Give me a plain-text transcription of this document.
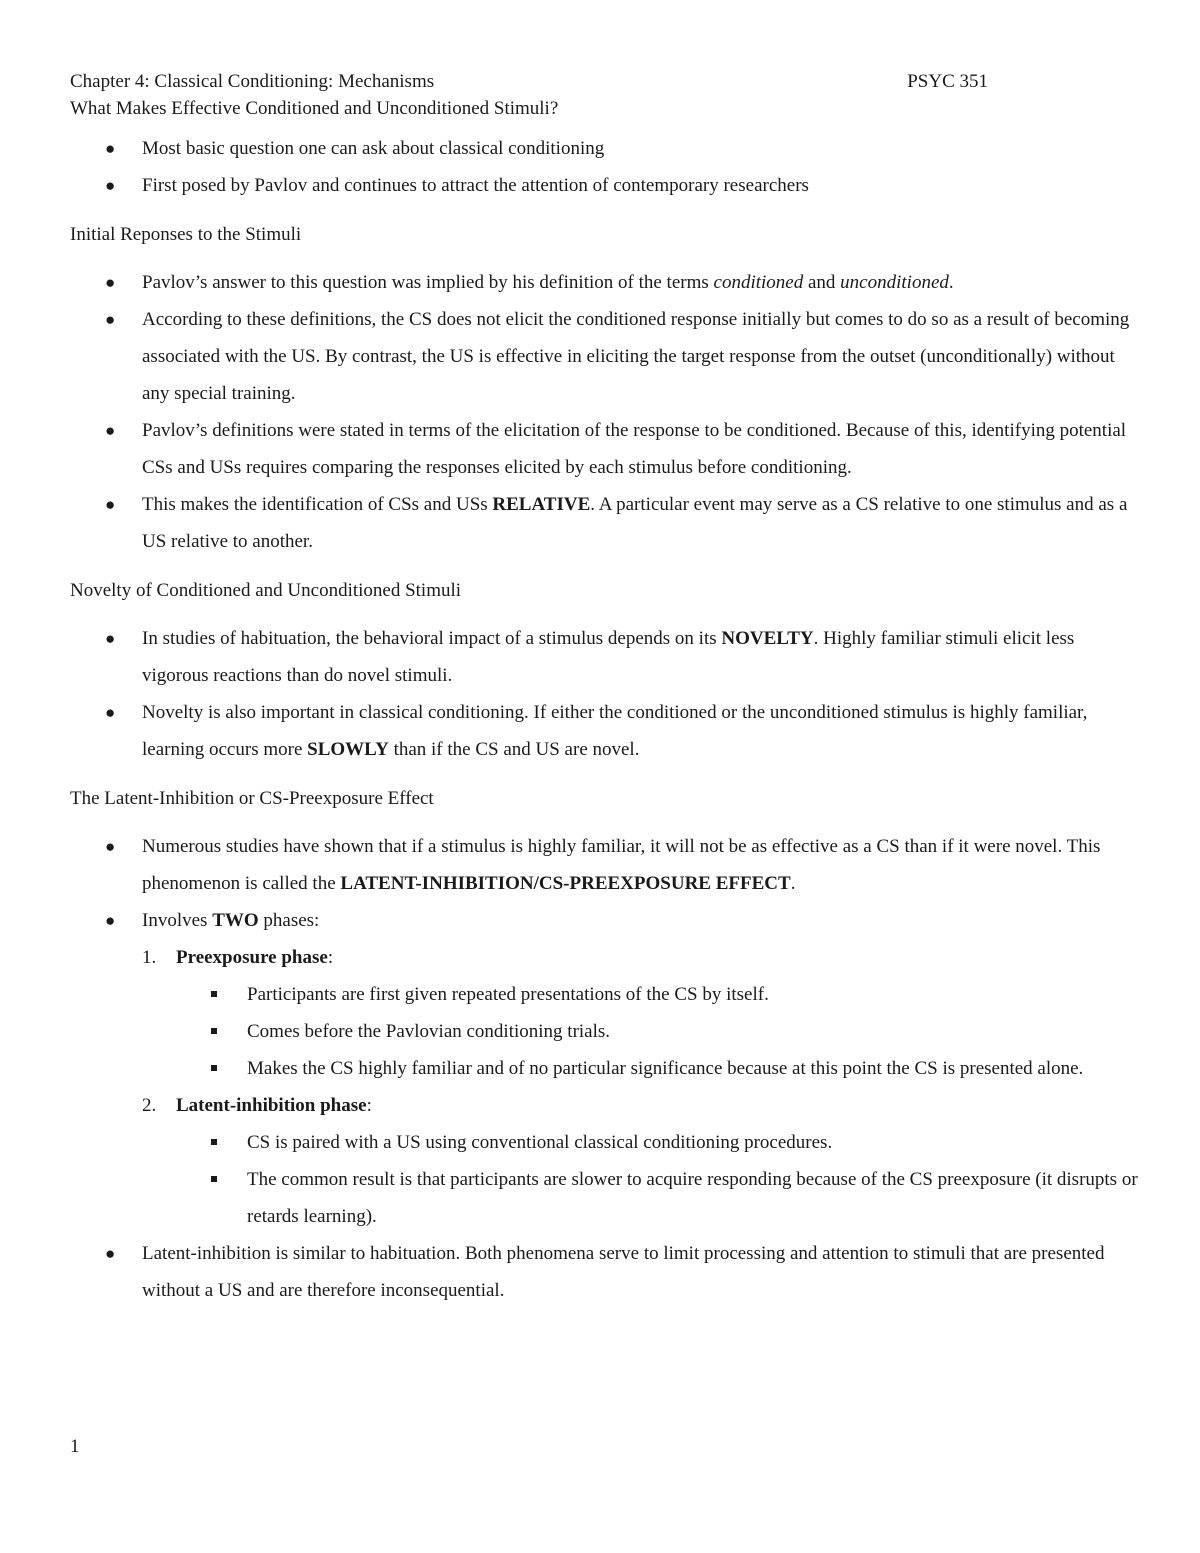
Chapter 4: Classical Conditioning: Mechanisms	PSYC 351
What Makes Effective Conditioned and Unconditioned Stimuli?
● Most basic question one can ask about classical conditioning
● First posed by Pavlov and continues to attract the attention of contemporary researchers
Initial Reponses to the Stimuli
● Pavlov’s answer to this question was implied by his definition of the terms conditioned and unconditioned.
● According to these definitions, the CS does not elicit the conditioned response initially but comes to do so as a result of becoming associated with the US. By contrast, the US is effective in eliciting the target response from the outset (unconditionally) without any special training.
● Pavlov’s definitions were stated in terms of the elicitation of the response to be conditioned. Because of this, identifying potential CSs and USs requires comparing the responses elicited by each stimulus before conditioning.
● This makes the identification of CSs and USs RELATIVE. A particular event may serve as a CS relative to one stimulus and as a US relative to another.
Novelty of Conditioned and Unconditioned Stimuli
● In studies of habituation, the behavioral impact of a stimulus depends on its NOVELTY. Highly familiar stimuli elicit less vigorous reactions than do novel stimuli.
● Novelty is also important in classical conditioning. If either the conditioned or the unconditioned stimulus is highly familiar, learning occurs more SLOWLY than if the CS and US are novel.
The Latent-Inhibition or CS-Preexposure Effect
● Numerous studies have shown that if a stimulus is highly familiar, it will not be as effective as a CS than if it were novel. This phenomenon is called the LATENT-INHIBITION/CS-PREEXPOSURE EFFECT.
● Involves TWO phases:
1. Preexposure phase:
Participants are first given repeated presentations of the CS by itself.
Comes before the Pavlovian conditioning trials.
Makes the CS highly familiar and of no particular significance because at this point the CS is presented alone.
2. Latent-inhibition phase:
CS is paired with a US using conventional classical conditioning procedures.
The common result is that participants are slower to acquire responding because of the CS preexposure (it disrupts or retards learning).
● Latent-inhibition is similar to habituation. Both phenomena serve to limit processing and attention to stimuli that are presented without a US and are therefore inconsequential.
1
